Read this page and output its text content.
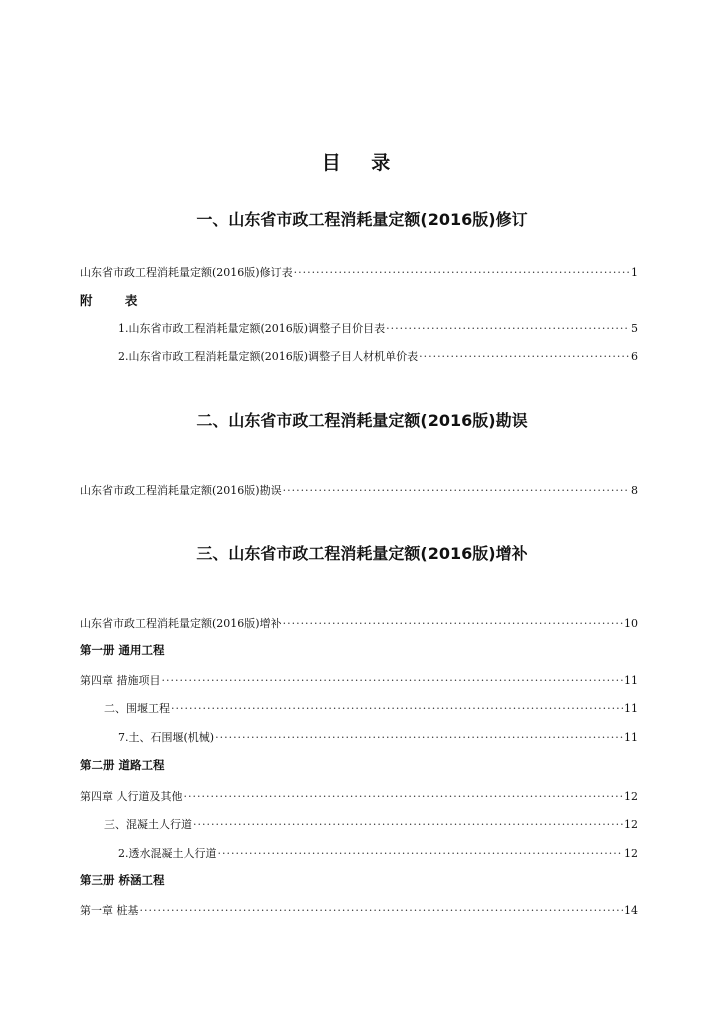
目 录
一、山东省市政工程消耗量定额(2016版)修订
山东省市政工程消耗量定额(2016版)修订表 ·····	1
附 表
1.山东省市政工程消耗量定额(2016版)调整子目价目表 ·····	5
2.山东省市政工程消耗量定额(2016版)调整子目人材机单价表 ·····	6
二、山东省市政工程消耗量定额(2016版)勘误
山东省市政工程消耗量定额(2016版)勘误 ·····	8
三、山东省市政工程消耗量定额(2016版)增补
山东省市政工程消耗量定额(2016版)增补 ·····	10
第一册 通用工程
第四章 措施项目 ·····	11
二、围堰工程 ·····	11
7.土、石围堰(机械) ·····	11
第二册 道路工程
第四章 人行道及其他 ·····	12
三、混凝土人行道 ·····	12
2.透水混凝土人行道 ·····	12
第三册 桥涵工程
第一章 桩基 ·····	14
